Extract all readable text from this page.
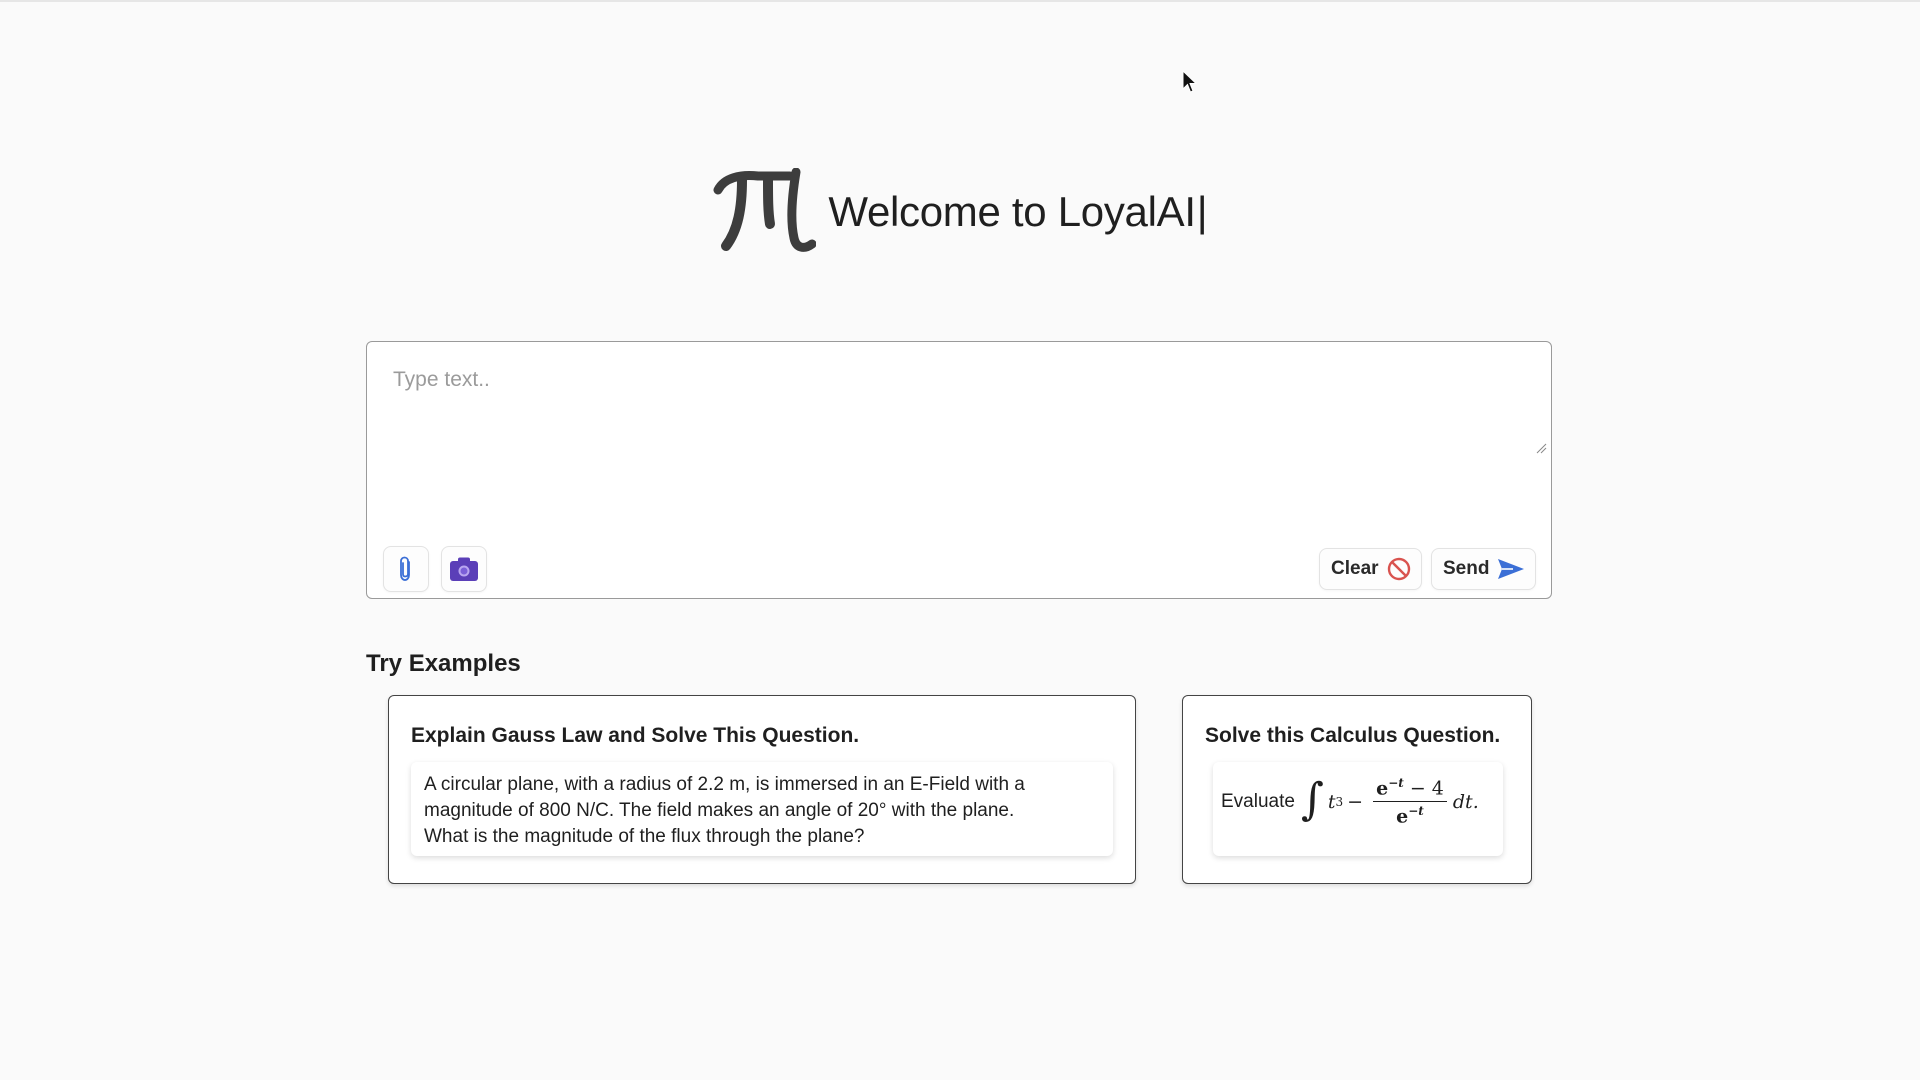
Welcome to LoyalAI |
Type text..
Clear	Send
Try Examples
Explain Gauss Law and Solve This Question.
A circular plane, with a radius of 2.2 m, is immersed in an E-Field with a
magnitude of 800 N/C. The field makes an angle of 20° with the plane.
What is the magnitude of the flux through the plane?
Solve this Calculus Question.
Evaluate ∫ t $3 - \frac{e^{-t} - 4}{e^{-t}}$ dt.
